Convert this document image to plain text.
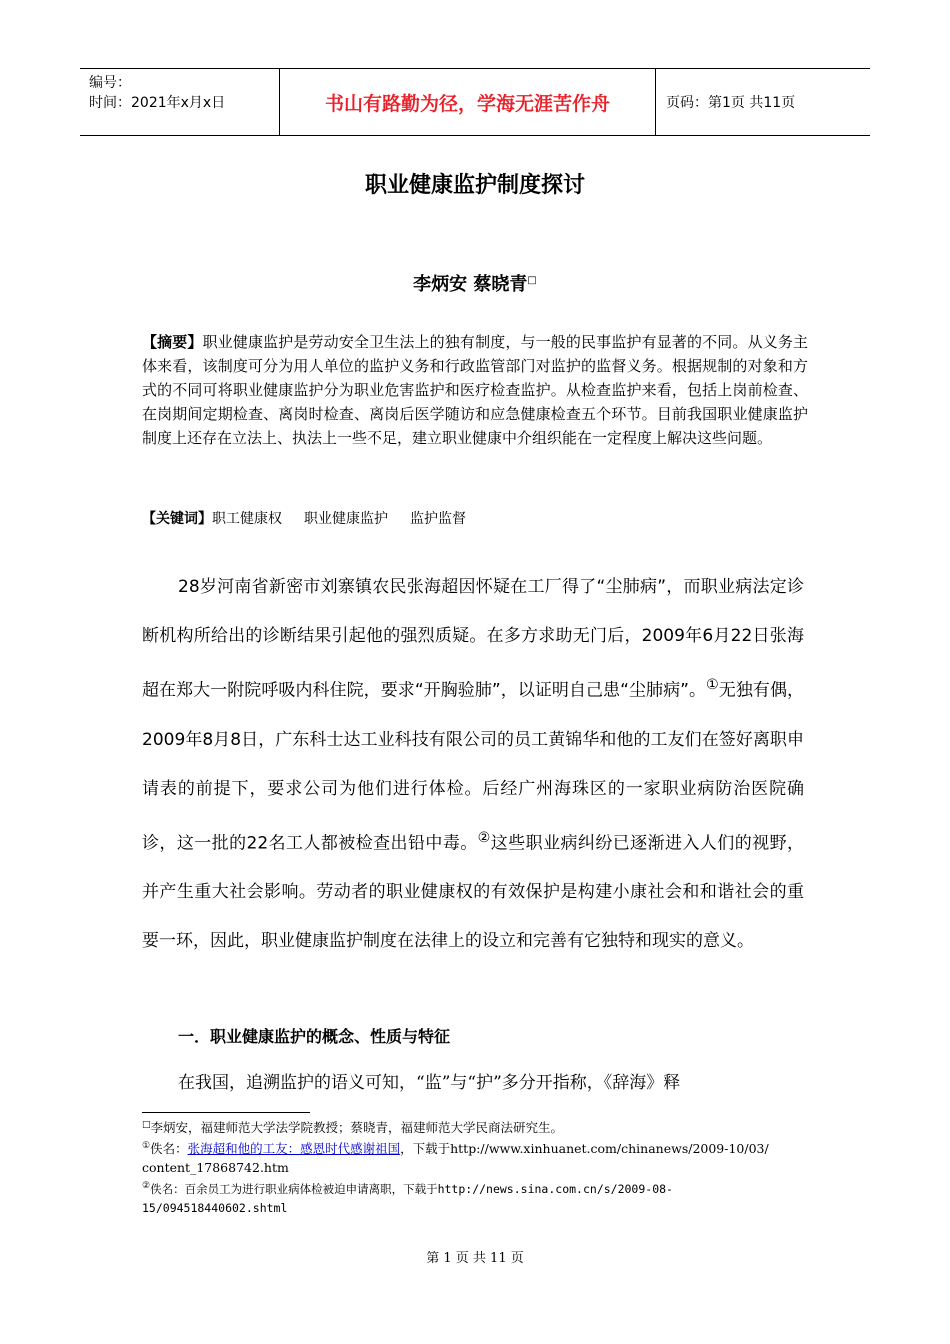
编号：
时间：2021年x月x日	书山有路勤为径，学海无涯苦作舟	页码：第1页 共11页
职业健康监护制度探讨
李炳安 蔡晓青□
【摘要】职业健康监护是劳动安全卫生法上的独有制度，与一般的民事监护有显著的不同。从义务主体来看，该制度可分为用人单位的监护义务和行政监管部门对监护的监督义务。根据规制的对象和方式的不同可将职业健康监护分为职业危害监护和医疗检查监护。从检查监护来看，包括上岗前检查、在岗期间定期检查、离岗时检查、离岗后医学随访和应急健康检查五个环节。目前我国职业健康监护制度上还存在立法上、执法上一些不足，建立职业健康中介组织能在一定程度上解决这些问题。
【关键词】职工健康权 职业健康监护 监护监督

28岁河南省新密市刘寨镇农民张海超因怀疑在工厂得了“尘肺病”，而职业病法定诊断机构所给出的诊断结果引起他的强烈质疑。在多方求助无门后，2009年6月22日张海超在郑大一附院呼吸内科住院，要求“开胸验肺”，以证明自己患“尘肺病”。①无独有偶，2009年8月8日，广东科士达工业科技有限公司的员工黄锦华和他的工友们在签好离职申请表的前提下，要求公司为他们进行体检。后经广州海珠区的一家职业病防治医院确诊，这一批的22名工人都被检查出铅中毒。②这些职业病纠纷已逐渐进入人们的视野，并产生重大社会影响。劳动者的职业健康权的有效保护是构建小康社会和和谐社会的重要一环，因此，职业健康监护制度在法律上的设立和完善有它独特和现实的意义。

一．职业健康监护的概念、性质与特征
在我国，追溯监护的语义可知，“监”与“护”多分开指称，《辞海》释
□李炳安，福建师范大学法学院教授；蔡晓青，福建师范大学民商法研究生。
①佚名：张海超和他的工友：感恩时代感谢祖国，下载于http://www.xinhuanet.com/chinanews/2009-10/03/
content_17868742.htm
②佚名：百余员工为进行职业病体检被迫申请离职，下载于http://news.sina.com.cn/s/2009-08-
15/094518440602.shtml
第 1 页 共 11 页
